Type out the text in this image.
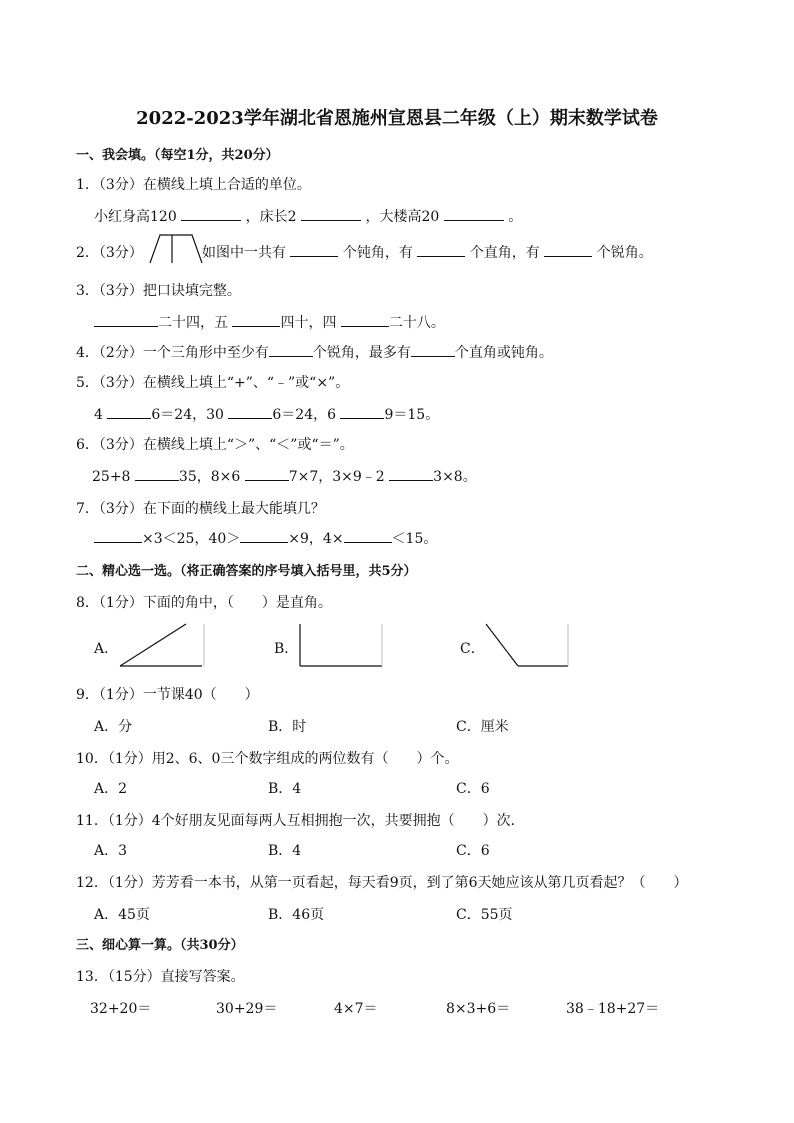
2022-2023学年湖北省恩施州宣恩县二年级（上）期末数学试卷
一、我会填。（每空1分，共20分）
1．（3分）在横线上填上合适的单位。
小红身高120	，床长2	，大楼高20	。
2．（3分）	如图中一共有	个钝角，有	个直角，有	个锐角。
3．（3分）把口诀填完整。
二十四，五	四十，四	二十八。
4．（2分）一个三角形中至少有	个锐角，最多有	个直角或钝角。
5．（3分）在横线上填上“+”、“﹣”或“×”。
4	6＝24，30	6＝24，6	9＝15。
6．（3分）在横线上填上“＞”、“＜”或“＝”。
25+8	35，8×6	7×7，3×9﹣2	3×8。
7．（3分）在下面的横线上最大能填几？
×3＜25，40＞	×9，4×	＜15。
二、精心选一选。（将正确答案的序号填入括号里，共5分）
8．（1分）下面的角中，（　　）是直角。
A．	B．	C．
9．（1分）一节课40（　　）
A．分	B．时	C．厘米
10．（1分）用2、6、0三个数字组成的两位数有（　　）个。
A．2	B．4	C．6
11．（1分）4个好朋友见面每两人互相拥抱一次，共要拥抱（　　）次．
A．3	B．4	C．6
12．（1分）芳芳看一本书，从第一页看起，每天看9页，到了第6天她应该从第几页看起？（　　）
A．45页	B．46页	C．55页
三、细心算一算。（共30分）
13．（15分）直接写答案。
32+20＝	30+29＝	4×7＝	8×3+6＝	38﹣18+27＝
